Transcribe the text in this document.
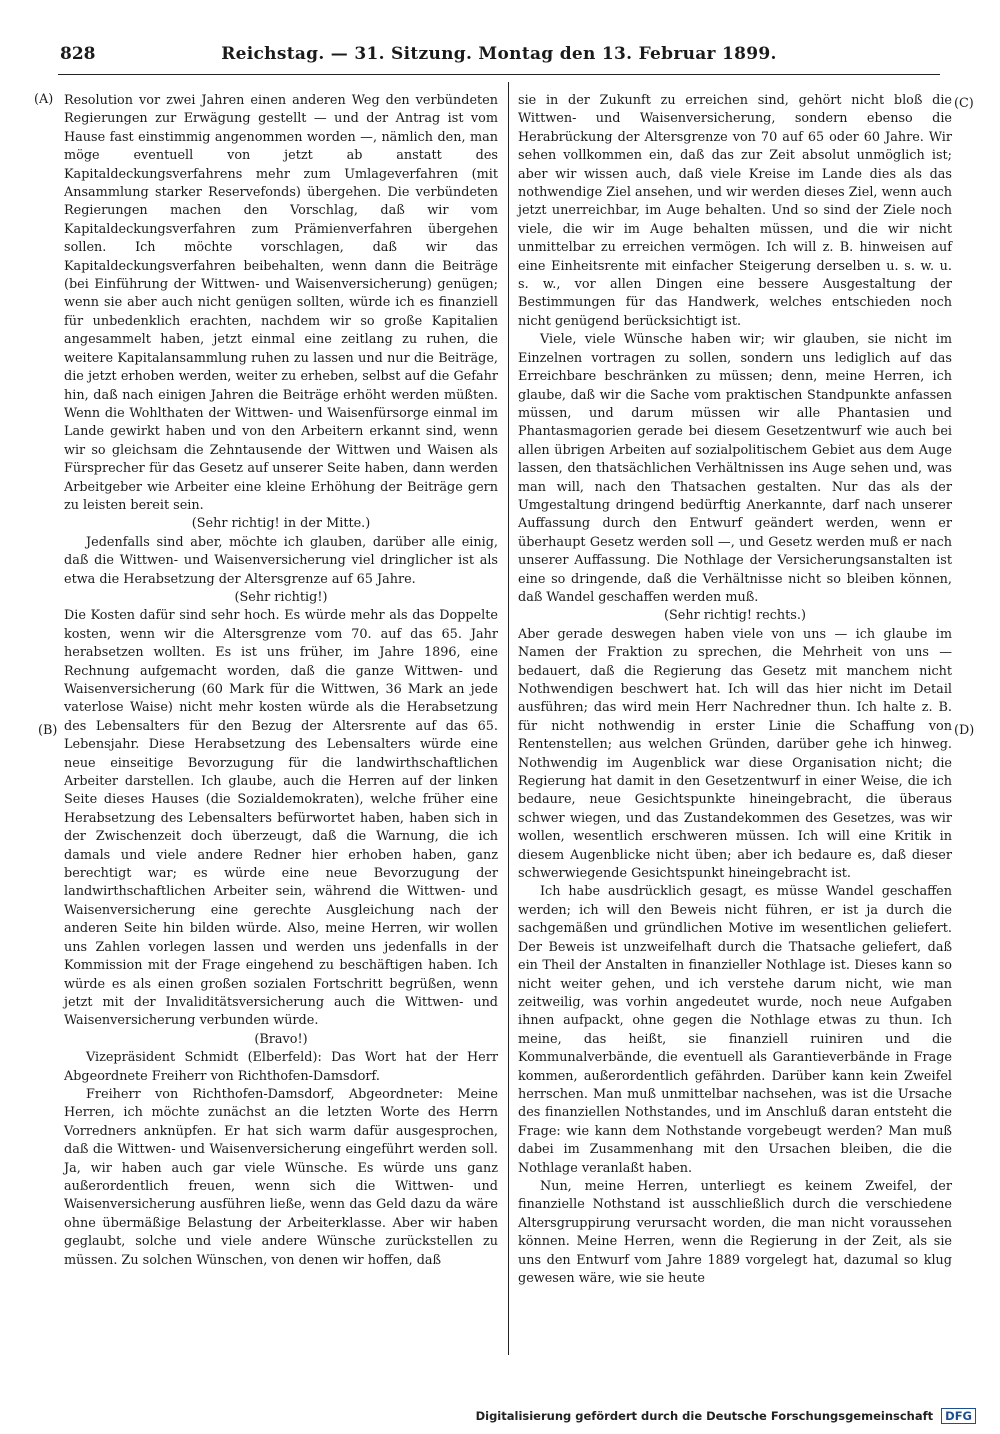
828	Reichstag. — 31. Sitzung. Montag den 13. Februar 1899.
(A)
(B)
(C)
(D)

Resolution vor zwei Jahren einen anderen Weg den verbündeten Regierungen zur Erwägung gestellt — und der Antrag ist vom Hause fast einstimmig angenommen worden —, nämlich den, man möge eventuell von jetzt ab anstatt des Kapitaldeckungsverfahrens mehr zum Umlageverfahren (mit Ansammlung starker Reservefonds) übergehen. Die verbündeten Regierungen machen den Vorschlag, daß wir vom Kapitaldeckungsverfahren zum Prämienverfahren übergehen sollen. Ich möchte vorschlagen, daß wir das Kapitaldeckungsverfahren beibehalten, wenn dann die Beiträge (bei Einführung der Wittwen- und Waisenversicherung) genügen; wenn sie aber auch nicht genügen sollten, würde ich es finanziell für unbedenklich erachten, nachdem wir so große Kapitalien angesammelt haben, jetzt einmal eine zeitlang zu ruhen, die weitere Kapitalansammlung ruhen zu lassen und nur die Beiträge, die jetzt erhoben werden, weiter zu erheben, selbst auf die Gefahr hin, daß nach einigen Jahren die Beiträge erhöht werden müßten. Wenn die Wohlthaten der Wittwen- und Waisenfürsorge einmal im Lande gewirkt haben und von den Arbeitern erkannt sind, wenn wir so gleichsam die Zehntausende der Wittwen und Waisen als Fürsprecher für das Gesetz auf unserer Seite haben, dann werden Arbeitgeber wie Arbeiter eine kleine Erhöhung der Beiträge gern zu leisten bereit sein.

(Sehr richtig! in der Mitte.)

Jedenfalls sind aber, möchte ich glauben, darüber alle einig, daß die Wittwen- und Waisenversicherung viel dringlicher ist als etwa die Herabsetzung der Altersgrenze auf 65 Jahre.

(Sehr richtig!)

Die Kosten dafür sind sehr hoch. Es würde mehr als das Doppelte kosten, wenn wir die Altersgrenze vom 70. auf das 65. Jahr herabsetzen wollten. Es ist uns früher, im Jahre 1896, eine Rechnung aufgemacht worden, daß die ganze Wittwen- und Waisenversicherung (60 Mark für die Wittwen, 36 Mark an jede vaterlose Waise) nicht mehr kosten würde als die Herabsetzung des Lebensalters für den Bezug der Altersrente auf das 65. Lebensjahr. Diese Herabsetzung des Lebensalters würde eine neue einseitige Bevorzugung für die landwirthschaftlichen Arbeiter darstellen. Ich glaube, auch die Herren auf der linken Seite dieses Hauses (die Sozialdemokraten), welche früher eine Herabsetzung des Lebensalters befürwortet haben, haben sich in der Zwischenzeit doch überzeugt, daß die Warnung, die ich damals und viele andere Redner hier erhoben haben, ganz berechtigt war; es würde eine neue Bevorzugung der landwirthschaftlichen Arbeiter sein, während die Wittwen- und Waisenversicherung eine gerechte Ausgleichung nach der anderen Seite hin bilden würde. Also, meine Herren, wir wollen uns Zahlen vorlegen lassen und werden uns jedenfalls in der Kommission mit der Frage eingehend zu beschäftigen haben. Ich würde es als einen großen sozialen Fortschritt begrüßen, wenn jetzt mit der Invaliditätsversicherung auch die Wittwen- und Waisenversicherung verbunden würde.

(Bravo!)

Vizepräsident Schmidt (Elberfeld): Das Wort hat der Herr Abgeordnete Freiherr von Richthofen-Damsdorf.

Freiherr von Richthofen-Damsdorf, Abgeordneter: Meine Herren, ich möchte zunächst an die letzten Worte des Herrn Vorredners anknüpfen. Er hat sich warm dafür ausgesprochen, daß die Wittwen- und Waisenversicherung eingeführt werden soll. Ja, wir haben auch gar viele Wünsche. Es würde uns ganz außerordentlich freuen, wenn sich die Wittwen- und Waisenversicherung ausführen ließe, wenn das Geld dazu da wäre ohne übermäßige Belastung der Arbeiterklasse. Aber wir haben geglaubt, solche und viele andere Wünsche zurückstellen zu müssen. Zu solchen Wünschen, von denen wir hoffen, daß

sie in der Zukunft zu erreichen sind, gehört nicht bloß die Wittwen- und Waisenversicherung, sondern ebenso die Herabrückung der Altersgrenze von 70 auf 65 oder 60 Jahre. Wir sehen vollkommen ein, daß das zur Zeit absolut unmöglich ist; aber wir wissen auch, daß viele Kreise im Lande dies als das nothwendige Ziel ansehen, und wir werden dieses Ziel, wenn auch jetzt unerreichbar, im Auge behalten. Und so sind der Ziele noch viele, die wir im Auge behalten müssen, und die wir nicht unmittelbar zu erreichen vermögen. Ich will z. B. hinweisen auf eine Einheitsrente mit einfacher Steigerung derselben u. s. w. u. s. w., vor allen Dingen eine bessere Ausgestaltung der Bestimmungen für das Handwerk, welches entschieden noch nicht genügend berücksichtigt ist.

Viele, viele Wünsche haben wir; wir glauben, sie nicht im Einzelnen vortragen zu sollen, sondern uns lediglich auf das Erreichbare beschränken zu müssen; denn, meine Herren, ich glaube, daß wir die Sache vom praktischen Standpunkte anfassen müssen, und darum müssen wir alle Phantasien und Phantasmagorien gerade bei diesem Gesetzentwurf wie auch bei allen übrigen Arbeiten auf sozialpolitischem Gebiet aus dem Auge lassen, den thatsächlichen Verhältnissen ins Auge sehen und, was man will, nach den Thatsachen gestalten. Nur das als der Umgestaltung dringend bedürftig Anerkannte, darf nach unserer Auffassung durch den Entwurf geändert werden, wenn er überhaupt Gesetz werden soll —, und Gesetz werden muß er nach unserer Auffassung. Die Nothlage der Versicherungsanstalten ist eine so dringende, daß die Verhältnisse nicht so bleiben können, daß Wandel geschaffen werden muß.

(Sehr richtig! rechts.)

Aber gerade deswegen haben viele von uns — ich glaube im Namen der Fraktion zu sprechen, die Mehrheit von uns — bedauert, daß die Regierung das Gesetz mit manchem nicht Nothwendigen beschwert hat. Ich will das hier nicht im Detail ausführen; das wird mein Herr Nachredner thun. Ich halte z. B. für nicht nothwendig in erster Linie die Schaffung von Rentenstellen; aus welchen Gründen, darüber gehe ich hinweg. Nothwendig im Augenblick war diese Organisation nicht; die Regierung hat damit in den Gesetzentwurf in einer Weise, die ich bedaure, neue Gesichtspunkte hineingebracht, die überaus schwer wiegen, und das Zustandekommen des Gesetzes, was wir wollen, wesentlich erschweren müssen. Ich will eine Kritik in diesem Augenblicke nicht üben; aber ich bedaure es, daß dieser schwerwiegende Gesichtspunkt hineingebracht ist.

Ich habe ausdrücklich gesagt, es müsse Wandel geschaffen werden; ich will den Beweis nicht führen, er ist ja durch die sachgemäßen und gründlichen Motive im wesentlichen geliefert. Der Beweis ist unzweifelhaft durch die Thatsache geliefert, daß ein Theil der Anstalten in finanzieller Nothlage ist. Dieses kann so nicht weiter gehen, und ich verstehe darum nicht, wie man zeitweilig, was vorhin angedeutet wurde, noch neue Aufgaben ihnen aufpackt, ohne gegen die Nothlage etwas zu thun. Ich meine, das heißt, sie finanziell ruiniren und die Kommunalverbände, die eventuell als Garantieverbände in Frage kommen, außerordentlich gefährden. Darüber kann kein Zweifel herrschen. Man muß unmittelbar nachsehen, was ist die Ursache des finanziellen Nothstandes, und im Anschluß daran entsteht die Frage: wie kann dem Nothstande vorgebeugt werden? Man muß dabei im Zusammenhang mit den Ursachen bleiben, die die Nothlage veranlaßt haben.

Nun, meine Herren, unterliegt es keinem Zweifel, der finanzielle Nothstand ist ausschließlich durch die verschiedene Altersgruppirung verursacht worden, die man nicht voraussehen können. Meine Herren, wenn die Regierung in der Zeit, als sie uns den Entwurf vom Jahre 1889 vorgelegt hat, dazumal so klug gewesen wäre, wie sie heute

Digitalisierung gefördert durch die Deutsche Forschungsgemeinschaft DFG
